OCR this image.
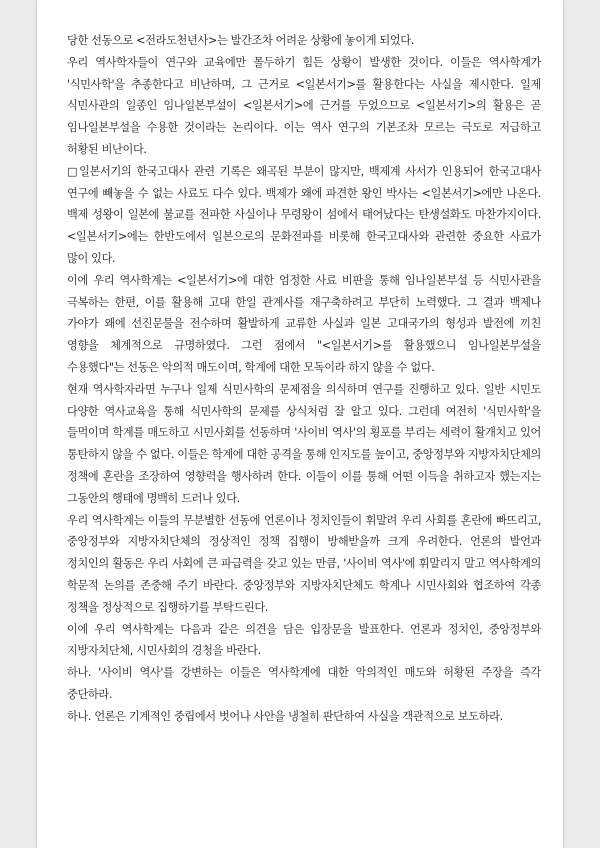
당한 선동으로 <전라도천년사>는 발간조차 어려운 상황에 놓이게 되었다.

우리 역사학자들이 연구와 교육에만 몰두하기 힘든 상황이 발생한 것이다. 이들은 역사학계가 '식민사학'을 추종한다고 비난하며, 그 근거로 <일본서기>를 활용한다는 사실을 제시한다. 일제 식민사관의 일종인 임나일본부설이 <일본서기>에 근거를 두었으므로 <일본서기>의 활용은 곧 임나일본부설을 수용한 것이라는 논리이다. 이는 역사 연구의 기본조차 모르는 극도로 저급하고 허황된 비난이다.

□일본서기의 한국고대사 관련 기록은 왜곡된 부분이 많지만, 백제계 사서가 인용되어 한국고대사 연구에 빼놓을 수 없는 사료도 다수 있다. 백제가 왜에 파견한 왕인 박사는 <일본서기>에만 나온다. 백제 성왕이 일본에 불교를 전파한 사실이나 무령왕이 섬에서 태어났다는 탄생설화도 마찬가지이다. <일본서기>에는 한반도에서 일본으로의 문화전파를 비롯해 한국고대사와 관련한 중요한 사료가 많이 있다.

이에 우리 역사학계는 <일본서기>에 대한 엄정한 사료 비판을 통해 임나일본부설 등 식민사관을 극복하는 한편, 이를 활용해 고대 한일 관계사를 재구축하려고 부단히 노력했다. 그 결과 백제나 가야가 왜에 선진문물을 전수하며 활발하게 교류한 사실과 일본 고대국가의 형성과 발전에 끼친 영향을 체계적으로 규명하였다. 그런 점에서 "<일본서기>를 활용했으니 임나일본부설을 수용했다"는 선동은 악의적 매도이며, 학계에 대한 모독이라 하지 않을 수 없다.

현재 역사학자라면 누구나 일제 식민사학의 문제점을 의식하며 연구를 진행하고 있다. 일반 시민도 다양한 역사교육을 통해 식민사학의 문제를 상식처럼 잘 알고 있다. 그런데 여전히 '식민사학'을 들먹이며 학계를 매도하고 시민사회를 선동하며 '사이비 역사'의 횡포를 부리는 세력이 활개치고 있어 통탄하지 않을 수 없다. 이들은 학계에 대한 공격을 통해 인지도를 높이고, 중앙정부와 지방자치단체의 정책에 혼란을 조장하여 영향력을 행사하려 한다. 이들이 이를 통해 어떤 이득을 취하고자 했는지는 그동안의 행태에 명백히 드러나 있다.

우리 역사학계는 이들의 무분별한 선동에 언론이나 정치인들이 휘말려 우리 사회를 혼란에 빠뜨리고, 중앙정부와 지방자치단체의 정상적인 정책 집행이 방해받을까 크게 우려한다. 언론의 발언과 정치인의 활동은 우리 사회에 큰 파급력을 갖고 있는 만큼, '사이비 역사'에 휘말리지 말고 역사학계의 학문적 논의를 존중해 주기 바란다. 중앙정부와 지방자치단체도 학계나 시민사회와 협조하여 각종 정책을 정상적으로 집행하기를 부탁드린다.

이에 우리 역사학계는 다음과 같은 의견을 담은 입장문을 발표한다. 언론과 정치인, 중앙정부와 지방자치단체, 시민사회의 경청을 바란다.

하나. '사이비 역사'를 강변하는 이들은 역사학계에 대한 악의적인 매도와 허황된 주장을 즉각 중단하라.

하나. 언론은 기계적인 중립에서 벗어나 사안을 냉철히 판단하여 사실을 객관적으로 보도하라.
